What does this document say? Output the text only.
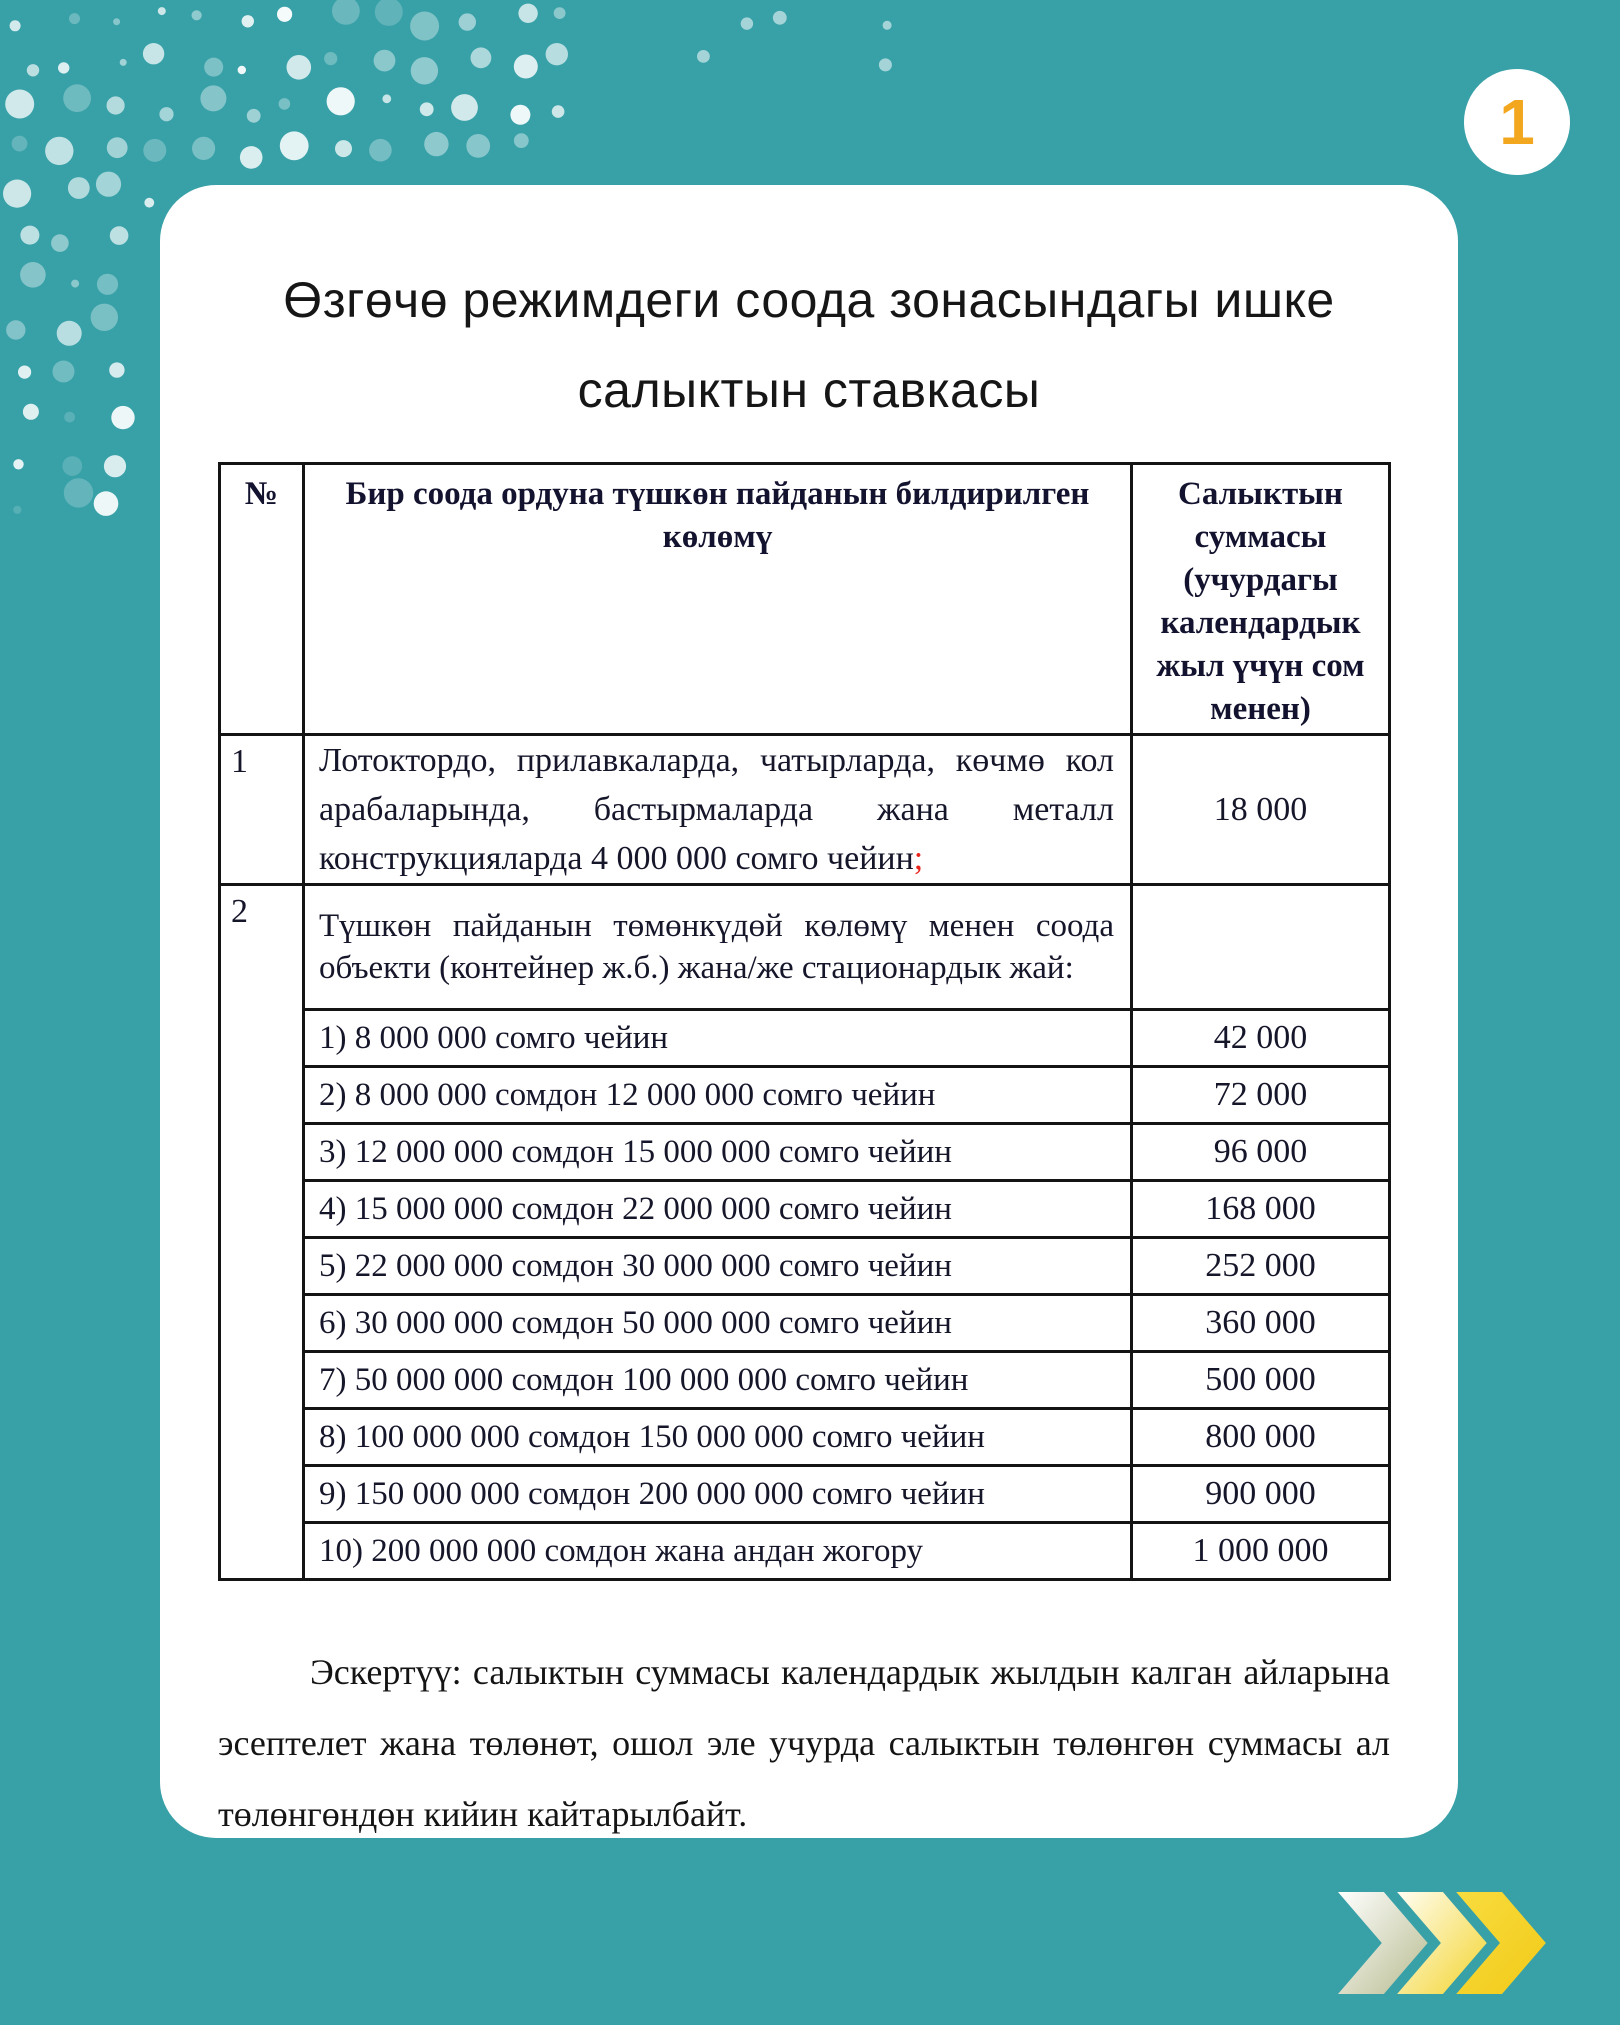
Өзгөчө режимдеги соода зонасындагы ишке
салыктын ставкасы
№	Бир соода ордуна түшкөн пайданын билдирилген көлөмү	Салыктын суммасы (учурдагы календардык жыл үчүн сом менен)
1	Лотоктордо, прилавкаларда, чатырларда, көчмө кол арабаларында, бастырмаларда жана металл конструкцияларда 4 000 000 сомго чейин;	18 000
2	Түшкөн пайданын төмөнкүдөй көлөмү менен соода объекти (контейнер ж.б.) жана/же стационардык жай:	
	1) 8 000 000 сомго чейин	42 000
	2) 8 000 000 сомдон 12 000 000 сомго чейин	72 000
	3) 12 000 000 сомдон 15 000 000 сомго чейин	96 000
	4) 15 000 000 сомдон 22 000 000 сомго чейин	168 000
	5) 22 000 000 сомдон 30 000 000 сомго чейин	252 000
	6) 30 000 000 сомдон 50 000 000 сомго чейин	360 000
	7) 50 000 000 сомдон 100 000 000 сомго чейин	500 000
	8) 100 000 000 сомдон 150 000 000 сомго чейин	800 000
	9) 150 000 000 сомдон 200 000 000 сомго чейин	900 000
	10) 200 000 000 сомдон жана андан жогору	1 000 000

Эскертүү: салыктын суммасы календардык жылдын калган айларына эсептелет жана төлөнөт, ошол эле учурда салыктын төлөнгөн суммасы ал төлөнгөндөн кийин кайтарылбайт.

1
